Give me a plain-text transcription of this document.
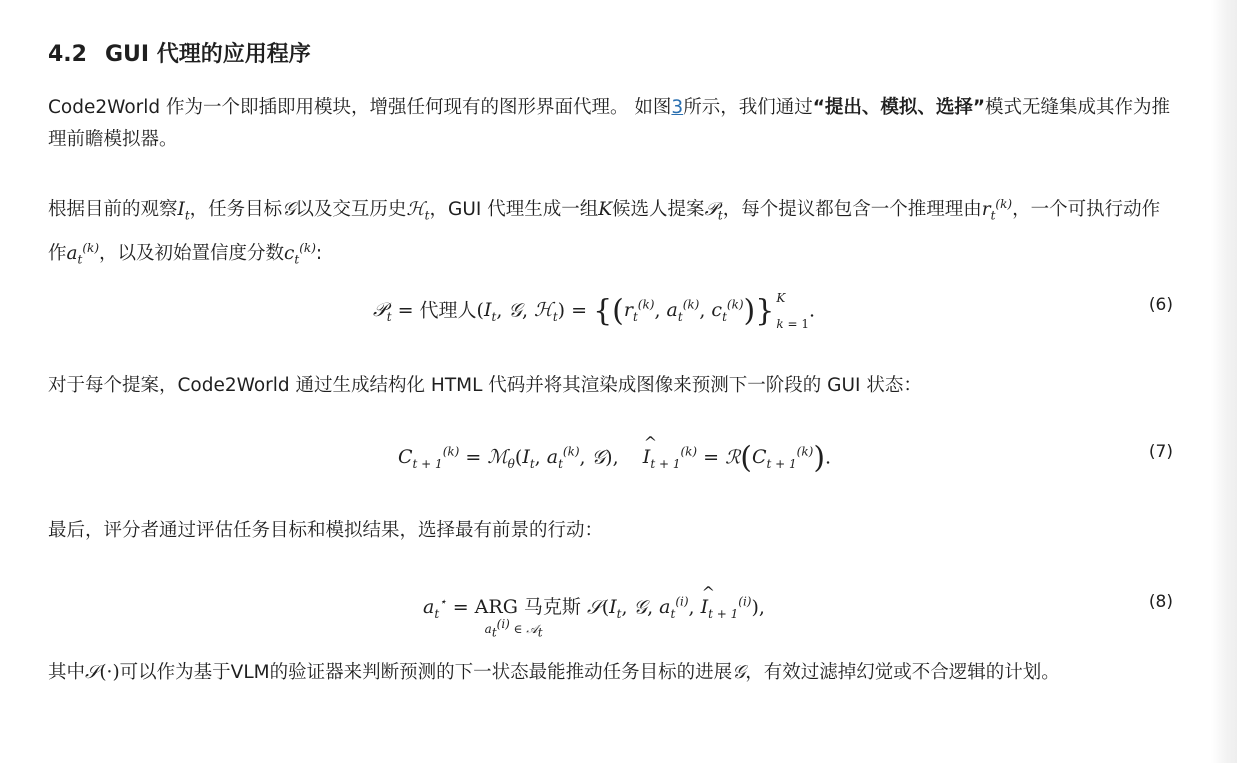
4.2 GUI 代理的应用程序

Code2World 作为一个即插即用模块，增强任何现有的图形界面代理。 如图3所示，我们通过“提出、模拟、选择”模式无缝集成其作为推理前瞻模拟器。

根据目前的观察$I_t$，任务目标𝒢以及交互历史ℋ$_t$，GUI 代理生成一组K候选人提案𝒫$_t$，每个提议都包含一个推理理由$r_t^{(k)}$，一个可执行动作作$a_t^{(k)}$，以及初始置信度分数$c_t^{(k)}$:

𝒫$_t$ = 代理人($I_t$, 𝒢, ℋ$_t$) = {($r_t^{(k)}$, $a_t^{(k)}$, $c_t^{(k)}$)} K

k = 1
.	(6)

对于每个提案，Code2World 通过生成结构化 HTML 代码并将其渲染成图像来预测下一阶段的 GUI 状态：

$C_{t + 1}^{(k)}$ = $ℳ_\theta(I_t$, $a_t^{(k)}$, 𝒢),    ^ $I_{t + 1}^{(k)}$ = $ℛ(C_{t + 1}^{(k)})$.	(7)

最后，评分者通过评估任务目标和模拟结果，选择最有前景的行动：

$a_t^⋆$ = ARG 马克斯
$a_t^{(i)}$ ∈ 𝒜$_t$
$𝒮(I_t$, 𝒢, $a_t^{(i)}$, ^ $I_{t + 1}^{(i)}$),	(8)

其中𝒮(·)可以作为基于VLM的验证器来判断预测的下一状态最能推动任务目标的进展𝒢，有效过滤掉幻觉或不合逻辑的计划。
